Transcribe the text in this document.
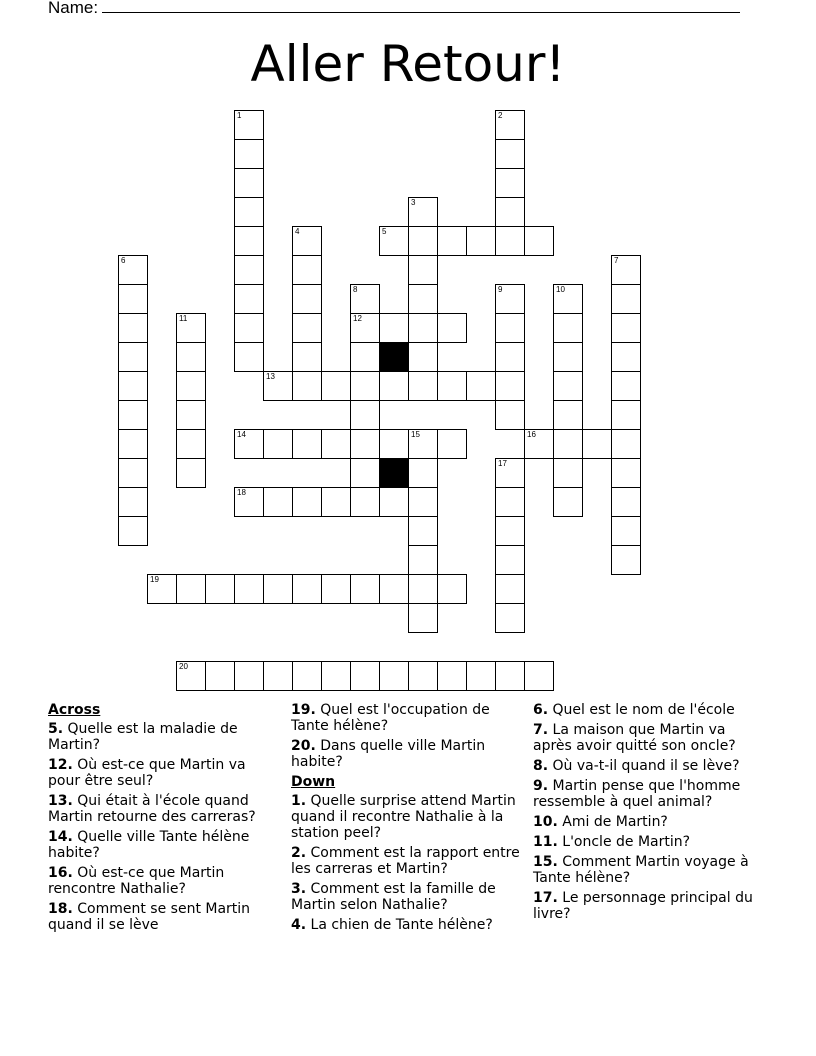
Name:
Aller Retour!
1	2
3
4	5
6	7
8	9	10
11	12
13
14	15	16
17
18
19
20
Across
5. Quelle est la maladie de Martin?
12. Où est-ce que Martin va pour être seul?
13. Qui était à l'école quand Martin retourne des carreras?
14. Quelle ville Tante hélène habite?
16. Où est-ce que Martin rencontre Nathalie?
18. Comment se sent Martin quand il se lève
19. Quel est l'occupation de Tante hélène?
20. Dans quelle ville Martin habite?
Down
1. Quelle surprise attend Martin quand il recontre Nathalie à la station peel?
2. Comment est la rapport entre les carreras et Martin?
3. Comment est la famille de Martin selon Nathalie?
4. La chien de Tante hélène?
6. Quel est le nom de l'école
7. La maison que Martin va après avoir quitté son oncle?
8. Où va-t-il quand il se lève?
9. Martin pense que l'homme ressemble à quel animal?
10. Ami de Martin?
11. L'oncle de Martin?
15. Comment Martin voyage à Tante hélène?
17. Le personnage principal du livre?
